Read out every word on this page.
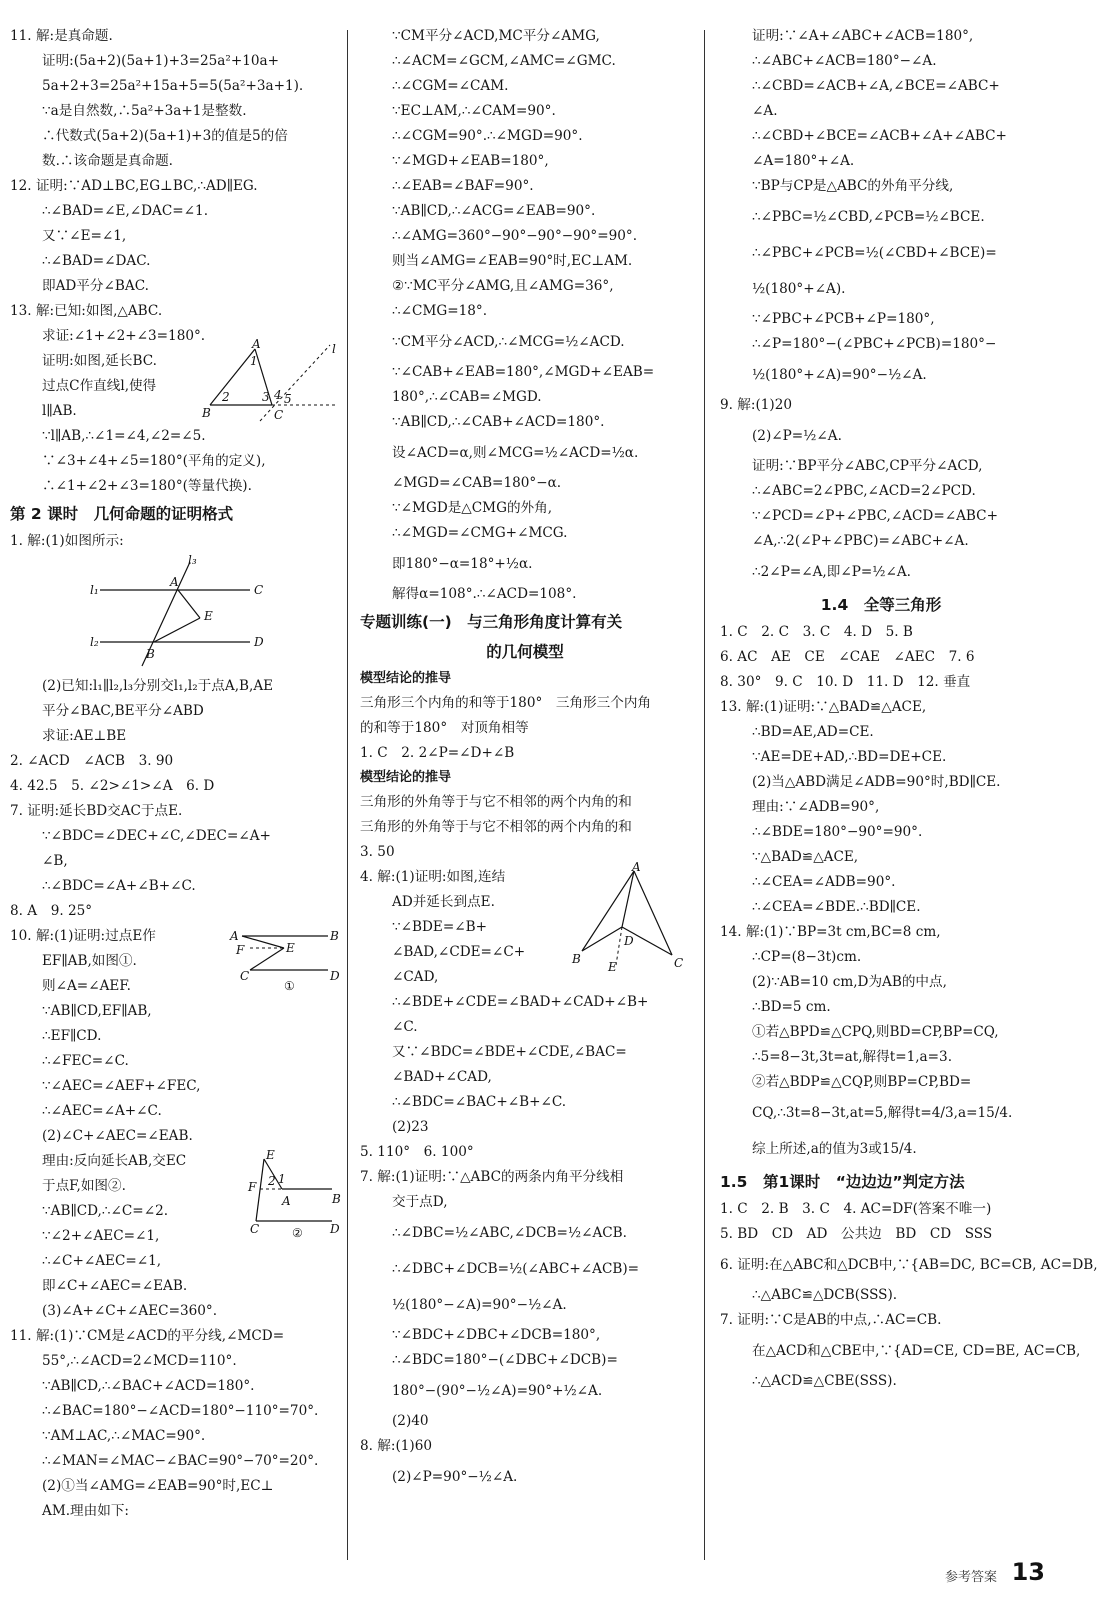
11. 解:是真命题.
证明:(5a+2)(5a+1)+3=25a²+10a+
5a+2+3=25a²+15a+5=5(5a²+3a+1).
∵a是自然数,∴5a²+3a+1是整数.
∴代数式(5a+2)(5a+1)+3的值是5的倍
数.∴该命题是真命题.
12. 证明:∵AD⊥BC,EG⊥BC,∴AD∥EG.
∴∠BAD=∠E,∠DAC=∠1.
又∵∠E=∠1,
∴∠BAD=∠DAC.
即AD平分∠BAC.
13. 解:已知:如图,△ABC.
求证:∠1+∠2+∠3=180°.
证明:如图,延长BC.
过点C作直线l,使得
l∥AB.
∵l∥AB,∴∠1=∠4,∠2=∠5.
A
B	C
l
1
2	3 4 5
∵∠3+∠4+∠5=180°(平角的定义),
∴∠1+∠2+∠3=180°(等量代换).
第 2 课时　几何命题的证明格式
1. 解:(1)如图所示:
l₁
l₂
l₃
A
C
E
B
D
(2)已知:l₁∥l₂,l₃分别交l₁,l₂于点A,B,AE
平分∠BAC,BE平分∠ABD
求证:AE⊥BE
2. ∠ACD　∠ACB　3. 90
4. 42.5　5. ∠2>∠1>∠A　6. D
7. 证明:延长BD交AC于点E.
∵∠BDC=∠DEC+∠C,∠DEC=∠A+
∠B,
∴∠BDC=∠A+∠B+∠C.
8. A　9. 25°
10. 解:(1)证明:过点E作
EF∥AB,如图①.
则∠A=∠AEF.
∵AB∥CD,EF∥AB,
∴EF∥CD.
∴∠FEC=∠C.
A	B
E
F
C	D
①
∵∠AEC=∠AEF+∠FEC,
∴∠AEC=∠A+∠C.
(2)∠C+∠AEC=∠EAB.
理由:反向延长AB,交EC
于点F,如图②.
∵AB∥CD,∴∠C=∠2.
∵∠2+∠AEC=∠1,
∴∠C+∠AEC=∠1,
E
F
A	B
C	D
2 1
②
即∠C+∠AEC=∠EAB.
(3)∠A+∠C+∠AEC=360°.
11. 解:(1)∵CM是∠ACD的平分线,∠MCD=
55°,∴∠ACD=2∠MCD=110°.
∵AB∥CD,∴∠BAC+∠ACD=180°.
∴∠BAC=180°−∠ACD=180°−110°=70°.
∵AM⊥AC,∴∠MAC=90°.
∴∠MAN=∠MAC−∠BAC=90°−70°=20°.
(2)①当∠AMG=∠EAB=90°时,EC⊥
AM.理由如下:
∵CM平分∠ACD,MC平分∠AMG,
∴∠ACM=∠GCM,∠AMC=∠GMC.
∴∠CGM=∠CAM.
∵EC⊥AM,∴∠CAM=90°.
∴∠CGM=90°.∴∠MGD=90°.
∵∠MGD+∠EAB=180°,
∴∠EAB=∠BAF=90°.
∵AB∥CD,∴∠ACG=∠EAB=90°.
∴∠AMG=360°−90°−90°−90°=90°.
则当∠AMG=∠EAB=90°时,EC⊥AM.
②∵MC平分∠AMG,且∠AMG=36°,
∴∠CMG=18°.
∵CM平分∠ACD,∴∠MCG=½∠ACD.
∵∠CAB+∠EAB=180°,∠MGD+∠EAB=
180°,∴∠CAB=∠MGD.
∵AB∥CD,∴∠CAB+∠ACD=180°.
设∠ACD=α,则∠MCG=½∠ACD=½α.
∠MGD=∠CAB=180°−α.
∵∠MGD是△CMG的外角,
∴∠MGD=∠CMG+∠MCG.
即180°−α=18°+½α.
解得α=108°.∴∠ACD=108°.
专题训练(一)　与三角形角度计算有关
的几何模型
模型结论的推导
三角形三个内角的和等于180°　三角形三个内角
的和等于180°　对顶角相等
1. C　2. 2∠P=∠D+∠B
模型结论的推导
三角形的外角等于与它不相邻的两个内角的和
三角形的外角等于与它不相邻的两个内角的和
3. 50
4. 解:(1)证明:如图,连结
AD并延长到点E.
∵∠BDE=∠B+
∠BAD,∠CDE=∠C+
∠CAD,
∴∠BDE+∠CDE=∠BAD+∠CAD+∠B+
∠C.
A
B	C
D
E
又∵∠BDC=∠BDE+∠CDE,∠BAC=
∠BAD+∠CAD,
∴∠BDC=∠BAC+∠B+∠C.
(2)23
5. 110°　6. 100°
7. 解:(1)证明:∵△ABC的两条内角平分线相
交于点D,
∴∠DBC=½∠ABC,∠DCB=½∠ACB.
∴∠DBC+∠DCB=½(∠ABC+∠ACB)=
½(180°−∠A)=90°−½∠A.
∵∠BDC+∠DBC+∠DCB=180°,
∴∠BDC=180°−(∠DBC+∠DCB)=
180°−(90°−½∠A)=90°+½∠A.
(2)40
8. 解:(1)60
(2)∠P=90°−½∠A.
证明:∵∠A+∠ABC+∠ACB=180°,
∴∠ABC+∠ACB=180°−∠A.
∴∠CBD=∠ACB+∠A,∠BCE=∠ABC+
∠A.
∴∠CBD+∠BCE=∠ACB+∠A+∠ABC+
∠A=180°+∠A.
∵BP与CP是△ABC的外角平分线,
∴∠PBC=½∠CBD,∠PCB=½∠BCE.
∴∠PBC+∠PCB=½(∠CBD+∠BCE)=
½(180°+∠A).
∵∠PBC+∠PCB+∠P=180°,
∴∠P=180°−(∠PBC+∠PCB)=180°−
½(180°+∠A)=90°−½∠A.
9. 解:(1)20
(2)∠P=½∠A.
证明:∵BP平分∠ABC,CP平分∠ACD,
∴∠ABC=2∠PBC,∠ACD=2∠PCD.
∵∠PCD=∠P+∠PBC,∠ACD=∠ABC+
∠A,∴2(∠P+∠PBC)=∠ABC+∠A.
∴2∠P=∠A,即∠P=½∠A.
1.4　全等三角形
1. C　2. C　3. C　4. D　5. B
6. AC　AE　CE　∠CAE　∠AEC　7. 6
8. 30°　9. C　10. D　11. D　12. 垂直
13. 解:(1)证明:∵△BAD≌△ACE,
∴BD=AE,AD=CE.
∵AE=DE+AD,∴BD=DE+CE.
(2)当△ABD满足∠ADB=90°时,BD∥CE.
理由:∵∠ADB=90°,
∴∠BDE=180°−90°=90°.
∵△BAD≌△ACE,
∴∠CEA=∠ADB=90°.
∴∠CEA=∠BDE.∴BD∥CE.
14. 解:(1)∵BP=3t cm,BC=8 cm,
∴CP=(8−3t)cm.
(2)∵AB=10 cm,D为AB的中点,
∴BD=5 cm.
①若△BPD≌△CPQ,则BD=CP,BP=CQ,
∴5=8−3t,3t=at,解得t=1,a=3.
②若△BDP≌△CQP,则BP=CP,BD=
CQ,∴3t=8−3t,at=5,解得t=4/3,a=15/4.
综上所述,a的值为3或15/4.
1.5　第1课时　“边边边”判定方法
1. C　2. B　3. C　4. AC=DF(答案不唯一)
5. BD　CD　AD　公共边　BD　CD　SSS
6. 证明:在△ABC和△DCB中,∵{AB=DC, BC=CB, AC=DB,
∴△ABC≌△DCB(SSS).
7. 证明:∵C是AB的中点,∴AC=CB.
在△ACD和△CBE中,∵{AD=CE, CD=BE, AC=CB,
∴△ACD≌△CBE(SSS).
参考答案 13
